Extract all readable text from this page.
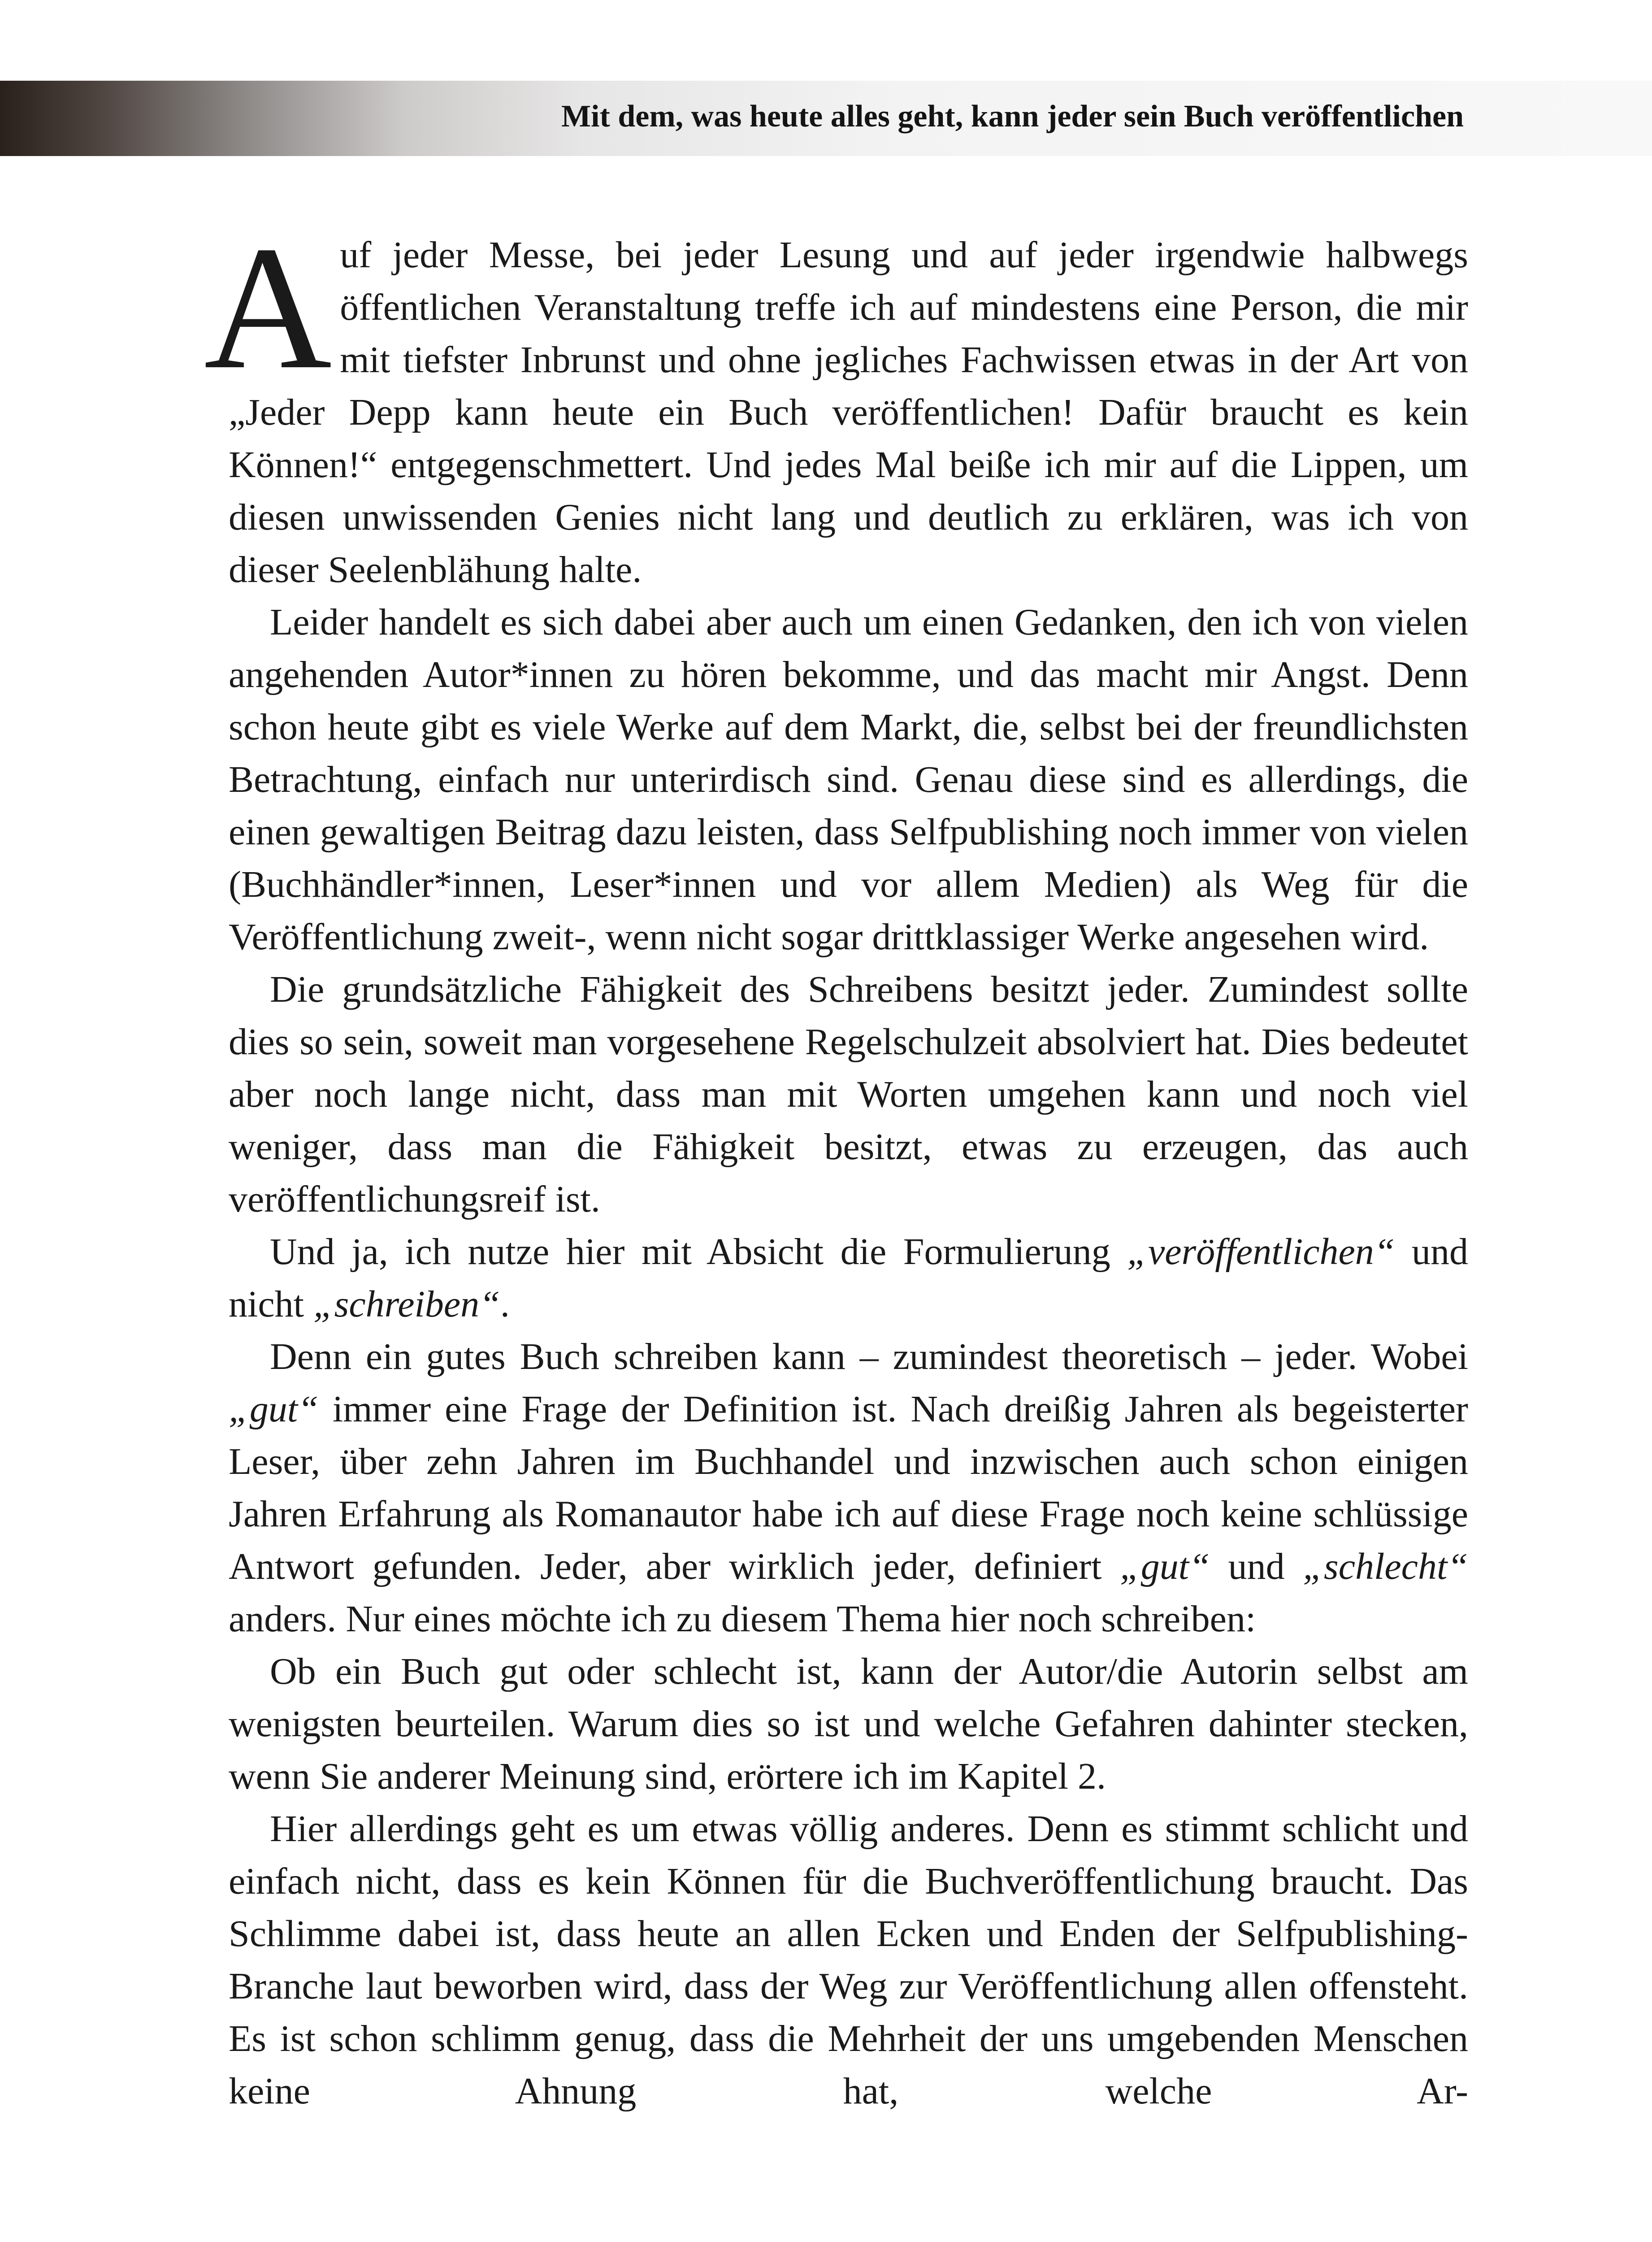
Mit dem, was heute alles geht, kann jeder sein Buch veröffentlichen

Auf jeder Messe, bei jeder Lesung und auf jeder irgendwie halbwegs öffentlichen Veranstaltung treffe ich auf mindestens eine Person, die mir mit tiefster Inbrunst und ohne jegliches Fachwissen etwas in der Art von „Jeder Depp kann heute ein Buch veröffentlichen! Dafür braucht es kein Können!“ entgegenschmettert. Und jedes Mal beiße ich mir auf die Lippen, um diesen unwissenden Genies nicht lang und deutlich zu erklären, was ich von dieser Seelenblähung halte.

Leider handelt es sich dabei aber auch um einen Gedanken, den ich von vielen angehenden Autor*innen zu hören bekomme, und das macht mir Angst. Denn schon heute gibt es viele Werke auf dem Markt, die, selbst bei der freundlichsten Betrachtung, einfach nur unterirdisch sind. Genau diese sind es allerdings, die einen gewaltigen Beitrag dazu leisten, dass Selfpublishing noch immer von vielen (Buchhändler*innen, Leser*innen und vor allem Medien) als Weg für die Veröffentlichung zweit-, wenn nicht sogar drittklassiger Werke angesehen wird.

Die grundsätzliche Fähigkeit des Schreibens besitzt jeder. Zumindest sollte dies so sein, soweit man vorgesehene Regelschulzeit absolviert hat. Dies bedeutet aber noch lange nicht, dass man mit Worten umgehen kann und noch viel weniger, dass man die Fähigkeit besitzt, etwas zu erzeugen, das auch veröffentlichungsreif ist.

Und ja, ich nutze hier mit Absicht die Formulierung „veröffentlichen“ und nicht „schreiben“.

Denn ein gutes Buch schreiben kann – zumindest theoretisch – jeder. Wobei „gut“ immer eine Frage der Definition ist. Nach dreißig Jahren als begeisterter Leser, über zehn Jahren im Buchhandel und inzwischen auch schon einigen Jahren Erfahrung als Romanautor habe ich auf diese Frage noch keine schlüssige Antwort gefunden. Jeder, aber wirklich jeder, definiert „gut“ und „schlecht“ anders. Nur eines möchte ich zu diesem Thema hier noch schreiben:

Ob ein Buch gut oder schlecht ist, kann der Autor/die Autorin selbst am wenigsten beurteilen. Warum dies so ist und welche Gefahren dahinter stecken, wenn Sie anderer Meinung sind, erörtere ich im Kapitel 2.

Hier allerdings geht es um etwas völlig anderes. Denn es stimmt schlicht und einfach nicht, dass es kein Können für die Buchveröffentlichung braucht. Das Schlimme dabei ist, dass heute an allen Ecken und Enden der Selfpublishing-Branche laut beworben wird, dass der Weg zur Veröffentlichung allen offensteht. Es ist schon schlimm genug, dass die Mehrheit der uns umgebenden Menschen keine Ahnung hat, welche Ar-
